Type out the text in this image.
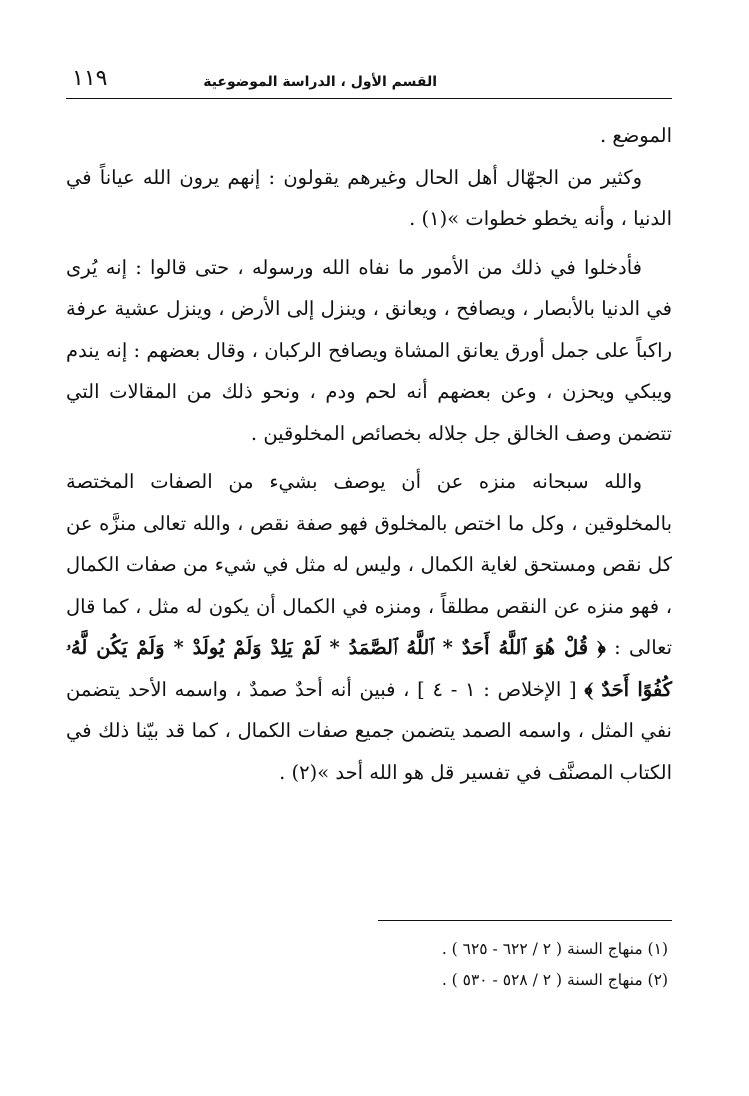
القسم الأول ، الدراسة الموضوعية
١١٩

الموضع .

وكثير من الجهّال أهل الحال وغيرهم يقولون : إنهم يرون الله عياناً في الدنيا ، وأنه يخطو خطوات »(١) .

فأدخلوا في ذلك من الأمور ما نفاه الله ورسوله ، حتى قالوا : إنه يُرى في الدنيا بالأبصار ، ويصافح ، ويعانق ، وينزل إلى الأرض ، وينزل عشية عرفة راكباً على جمل أورق يعانق المشاة ويصافح الركبان ، وقال بعضهم : إنه يندم ويبكي ويحزن ، وعن بعضهم أنه لحم ودم ، ونحو ذلك من المقالات التي تتضمن وصف الخالق جل جلاله بخصائص المخلوقين .

والله سبحانه منزه عن أن يوصف بشيء من الصفات المختصة بالمخلوقين ، وكل ما اختص بالمخلوق فهو صفة نقص ، والله تعالى منزَّه عن كل نقص ومستحق لغاية الكمال ، وليس له مثل في شيء من صفات الكمال ، فهو منزه عن النقص مطلقاً ، ومنزه في الكمال أن يكون له مثل ، كما قال تعالى : ﴿ قُلْ هُوَ ٱللَّهُ أَحَدٌ * ٱللَّهُ ٱلصَّمَدُ * لَمْ يَلِدْ وَلَمْ يُولَدْ * وَلَمْ يَكُن لَّهُۥ كُفُوًا أَحَدٌ ﴾ [ الإخلاص : ١ - ٤ ] ، فبين أنه أحدٌ صمدٌ ، واسمه الأحد يتضمن نفي المثل ، واسمه الصمد يتضمن جميع صفات الكمال ، كما قد بيّنا ذلك في الكتاب المصنَّف في تفسير قل هو الله أحد »(٢) .

(١) منهاج السنة ( ٢ / ٦٢٢ - ٦٢٥ ) .

(٢) منهاج السنة ( ٢ / ٥٢٨ - ٥٣٠ ) .
